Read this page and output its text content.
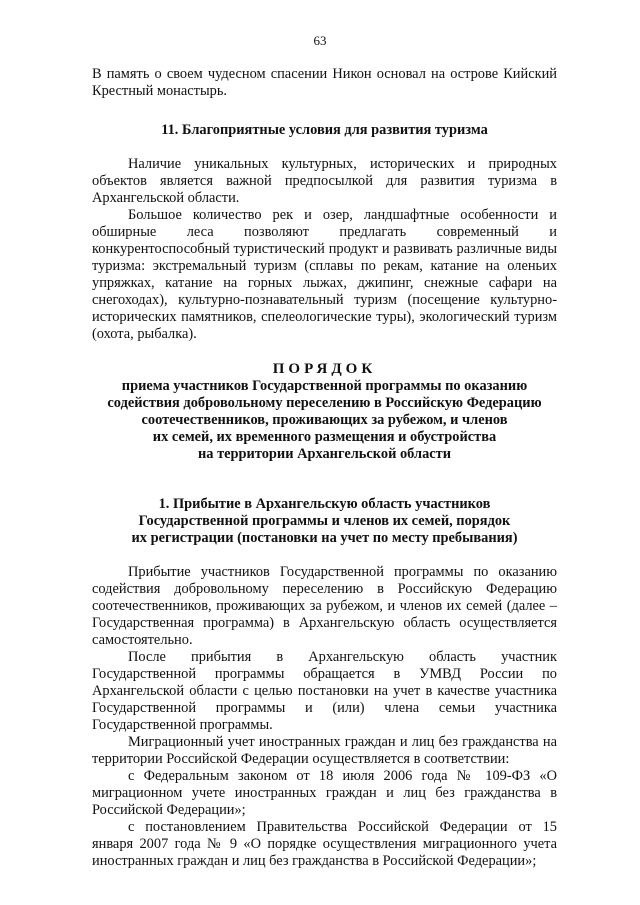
63

В память о своем чудесном спасении Никон основал на острове Кийский Крестный монастырь.

11. Благоприятные условия для развития туризма

Наличие уникальных культурных, исторических и природных объектов является важной предпосылкой для развития туризма в Архангельской области.

Большое количество рек и озер, ландшафтные особенности и обширные леса позволяют предлагать современный и конкурентоспособный туристический продукт и развивать различные виды туризма: экстремальный туризм (сплавы по рекам, катание на оленьих упряжках, катание на горных лыжах, джипинг, снежные сафари на снегоходах), культурно-познавательный туризм (посещение культурно-исторических памятников, спелеологические туры), экологический туризм (охота, рыбалка).

ПОРЯДОК

приема участников Государственной программы по оказанию

содействия добровольному переселению в Российскую Федерацию

соотечественников, проживающих за рубежом, и членов

их семей, их временного размещения и обустройства

на территории Архангельской области

1. Прибытие в Архангельскую область участников

Государственной программы и членов их семей, порядок

их регистрации (постановки на учет по месту пребывания)

Прибытие участников Государственной программы по оказанию содействия добровольному переселению в Российскую Федерацию соотечественников, проживающих за рубежом, и членов их семей (далее – Государственная программа) в Архангельскую область осуществляется самостоятельно.

После прибытия в Архангельскую область участник Государственной программы обращается в УМВД России по Архангельской области с целью постановки на учет в качестве участника Государственной программы и (или) члена семьи участника Государственной программы.

Миграционный учет иностранных граждан и лиц без гражданства на территории Российской Федерации осуществляется в соответствии:

с Федеральным законом от 18 июля 2006 года № 109-ФЗ «О миграционном учете иностранных граждан и лиц без гражданства в Российской Федерации»;

с постановлением Правительства Российской Федерации от 15 января 2007 года № 9 «О порядке осуществления миграционного учета иностранных граждан и лиц без гражданства в Российской Федерации»;
